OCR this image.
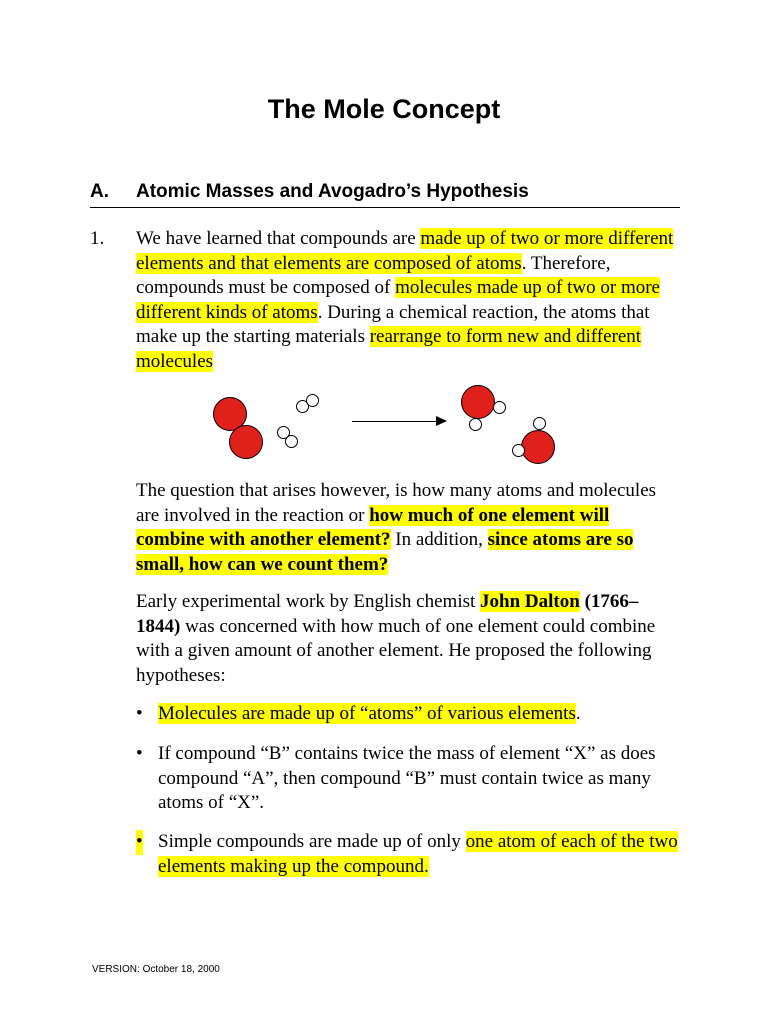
The Mole Concept
A. Atomic Masses and Avogadro’s Hypothesis
1. We have learned that compounds are made up of two or more different elements and that elements are composed of atoms. Therefore, compounds must be composed of molecules made up of two or more different kinds of atoms. During a chemical reaction, the atoms that make up the starting materials rearrange to form new and different molecules

The question that arises however, is how many atoms and molecules are involved in the reaction or how much of one element will combine with another element? In addition, since atoms are so small, how can we count them?

Early experimental work by English chemist John Dalton (1766–1844) was concerned with how much of one element could combine with a given amount of another element. He proposed the following hypotheses:

• Molecules are made up of “atoms” of various elements.
• If compound “B” contains twice the mass of element “X” as does compound “A”, then compound “B” must contain twice as many atoms of “X”.
• Simple compounds are made up of only one atom of each of the two elements making up the compound.
VERSION: October 18, 2000
